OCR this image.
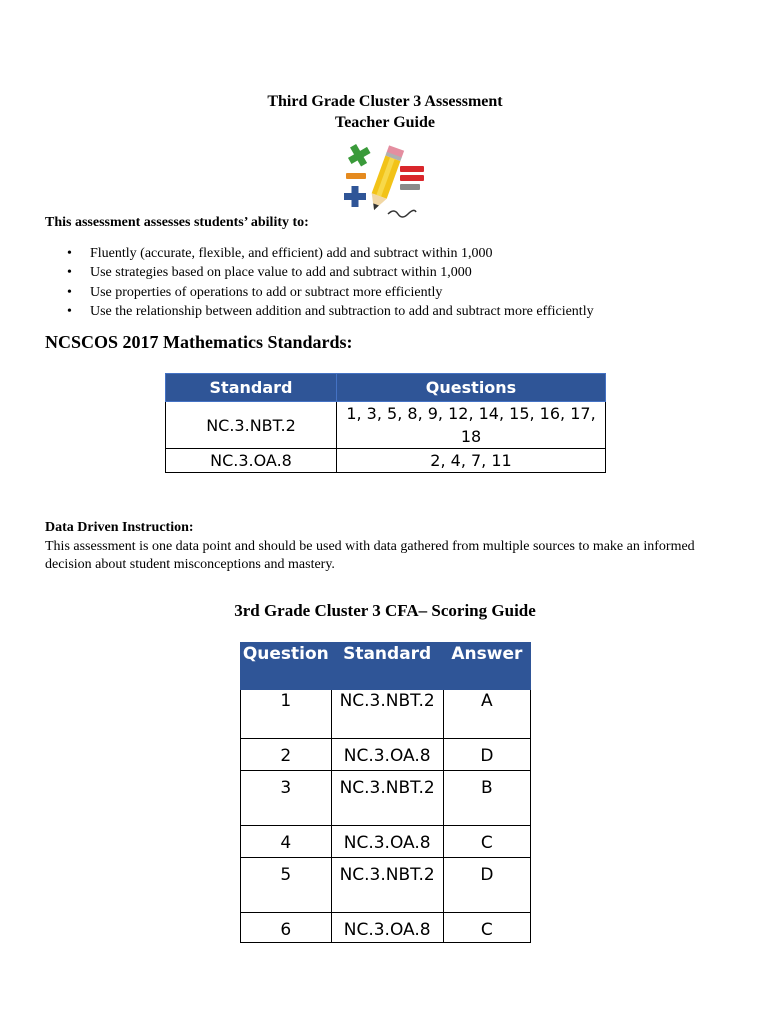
Third Grade Cluster 3 Assessment
Teacher Guide
This assessment assesses students’ ability to:
• Fluently (accurate, flexible, and efficient) add and subtract within 1,000
• Use strategies based on place value to add and subtract within 1,000
• Use properties of operations to add or subtract more efficiently
• Use the relationship between addition and subtraction to add and subtract more efficiently
NCSCOS 2017 Mathematics Standards:
Standard	Questions
NC.3.NBT.2	1, 3, 5, 8, 9, 12, 14, 15, 16, 17, 18
NC.3.OA.8	2, 4, 7, 11
Data Driven Instruction:
This assessment is one data point and should be used with data gathered from multiple sources to make an informed decision about student misconceptions and mastery.
3rd Grade Cluster 3 CFA– Scoring Guide
Question	Standard	Answer
1	NC.3.NBT.2	A
2	NC.3.OA.8	D
3	NC.3.NBT.2	B
4	NC.3.OA.8	C
5	NC.3.NBT.2	D
6	NC.3.OA.8	C
